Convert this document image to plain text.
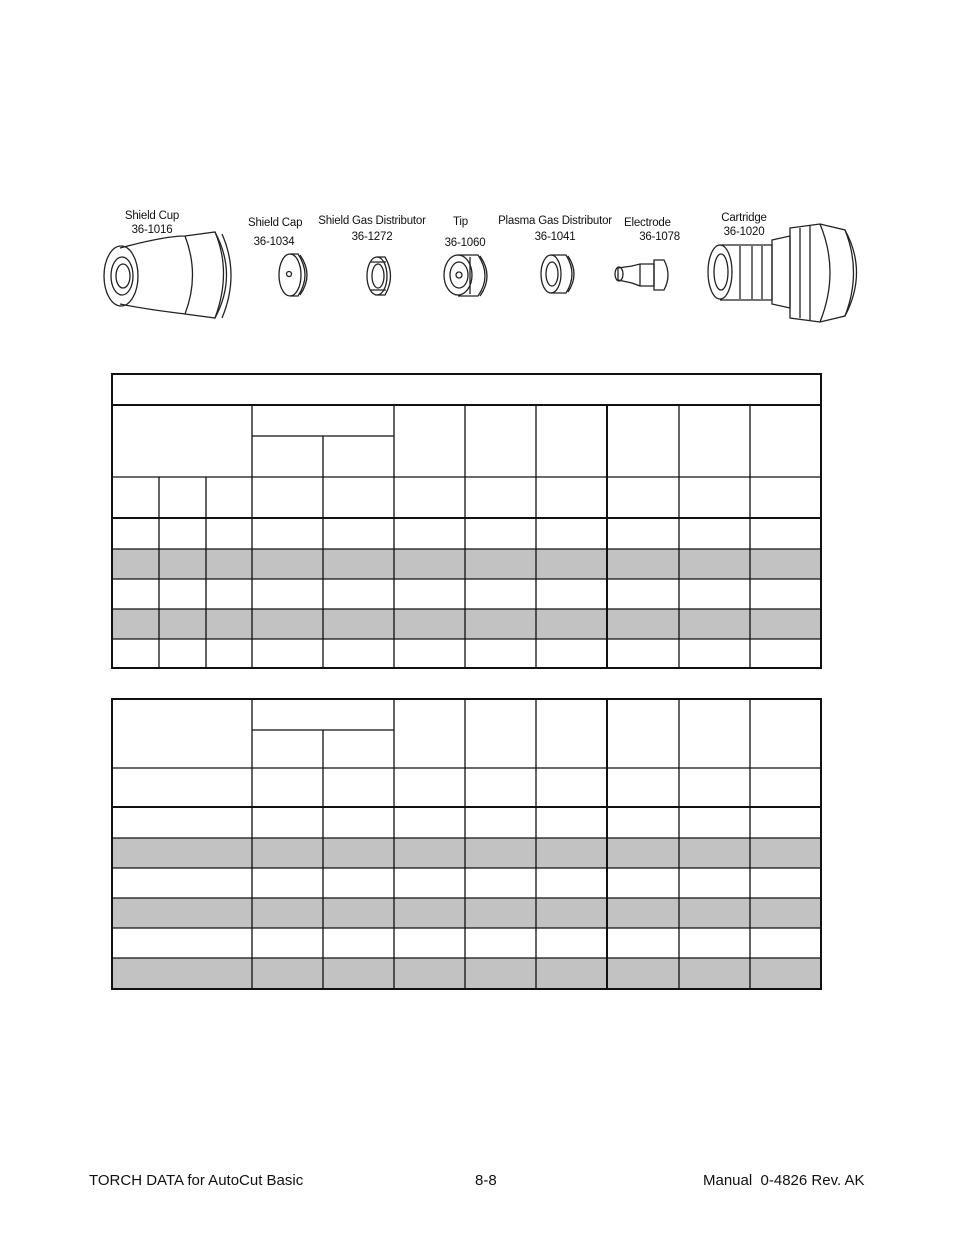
Shield Cup
36-1016
Shield Cap
36-1034
Shield Gas Distributor
36-1272
Tip
36-1060
Plasma Gas Distributor
36-1041
Electrode
36-1078
Cartridge
36-1020
TORCH DATA for AutoCut Basic	8-8	Manual  0-4826 Rev. AK
